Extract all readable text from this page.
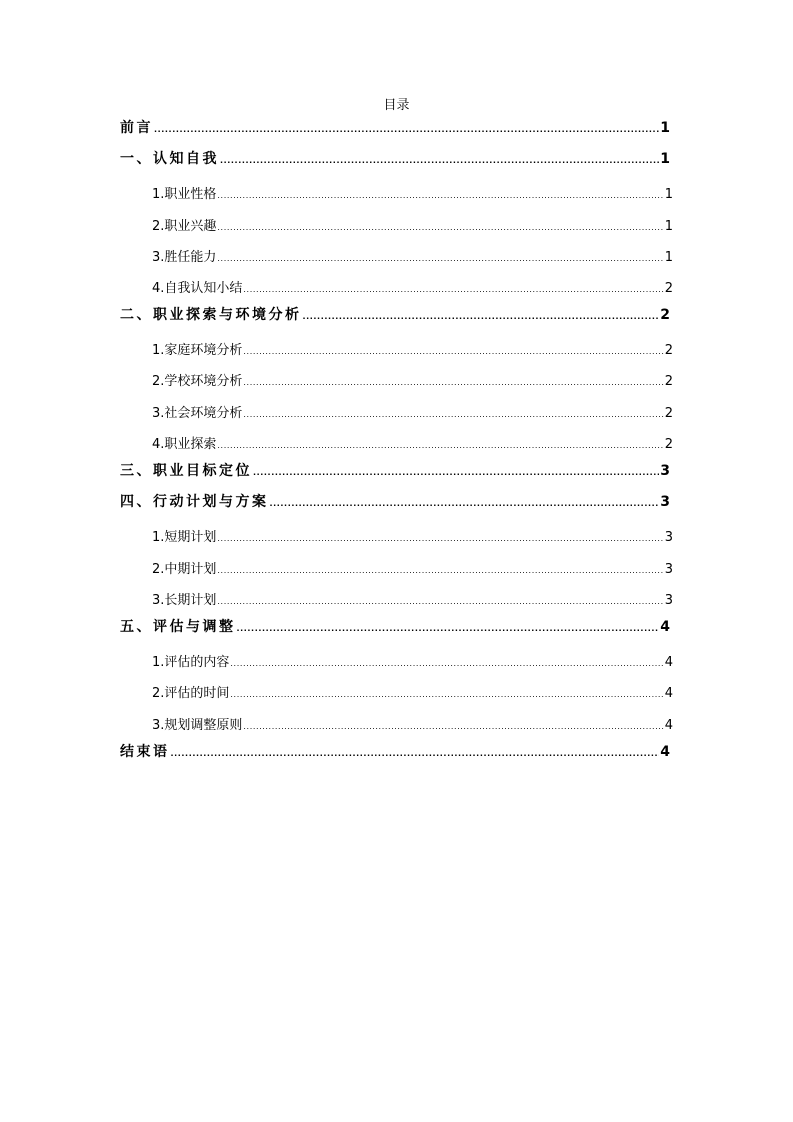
目录
前言 .....	1
一、认知自我 .....	1
1.职业性格 .....	1
2.职业兴趣 .....	1
3.胜任能力 .....	1
4.自我认知小结 .....	2
二、职业探索与环境分析 .....	2
1.家庭环境分析 .....	2
2.学校环境分析 .....	2
3.社会环境分析 .....	2
4.职业探索 .....	2
三、职业目标定位 .....	3
四、行动计划与方案 .....	3
1.短期计划 .....	3
2.中期计划 .....	3
3.长期计划 .....	3
五、评估与调整 .....	4
1.评估的内容 .....	4
2.评估的时间 .....	4
3.规划调整原则 .....	4
结束语 .....	4
